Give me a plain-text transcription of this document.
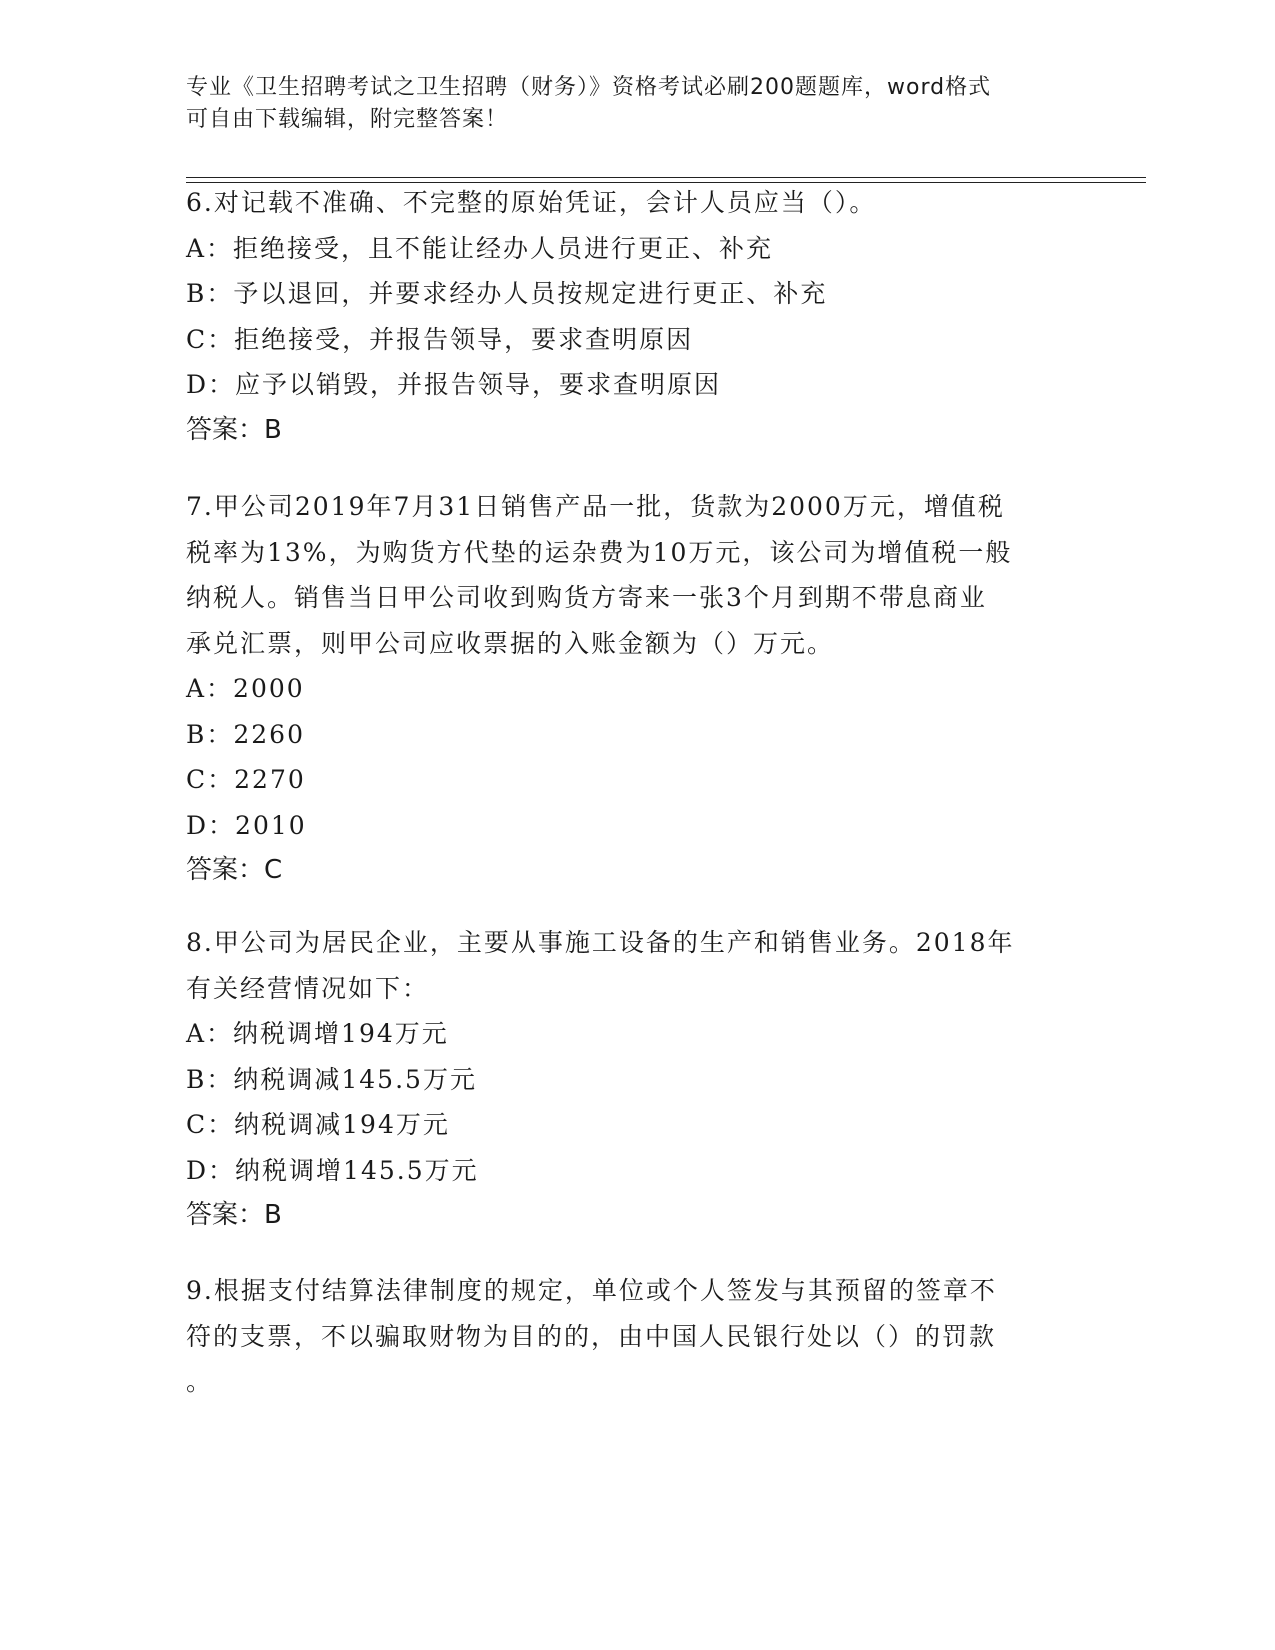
专业《卫生招聘考试之卫生招聘（财务）》资格考试必刷200题题库，word格式
可自由下载编辑，附完整答案！
6.对记载不准确、不完整的原始凭证，会计人员应当（）。
A：拒绝接受，且不能让经办人员进行更正、补充
B：予以退回，并要求经办人员按规定进行更正、补充
C：拒绝接受，并报告领导，要求查明原因
D：应予以销毁，并报告领导，要求查明原因
答案：B
7.甲公司2019年7月31日销售产品一批，货款为2000万元，增值税
税率为13%，为购货方代垫的运杂费为10万元，该公司为增值税一般
纳税人。销售当日甲公司收到购货方寄来一张3个月到期不带息商业
承兑汇票，则甲公司应收票据的入账金额为（）万元。
A：2000
B：2260
C：2270
D：2010
答案：C
8.甲公司为居民企业，主要从事施工设备的生产和销售业务。2018年
有关经营情况如下：
A：纳税调增194万元
B：纳税调减145.5万元
C：纳税调减194万元
D：纳税调增145.5万元
答案：B
9.根据支付结算法律制度的规定，单位或个人签发与其预留的签章不
符的支票，不以骗取财物为目的的，由中国人民银行处以（）的罚款
。
